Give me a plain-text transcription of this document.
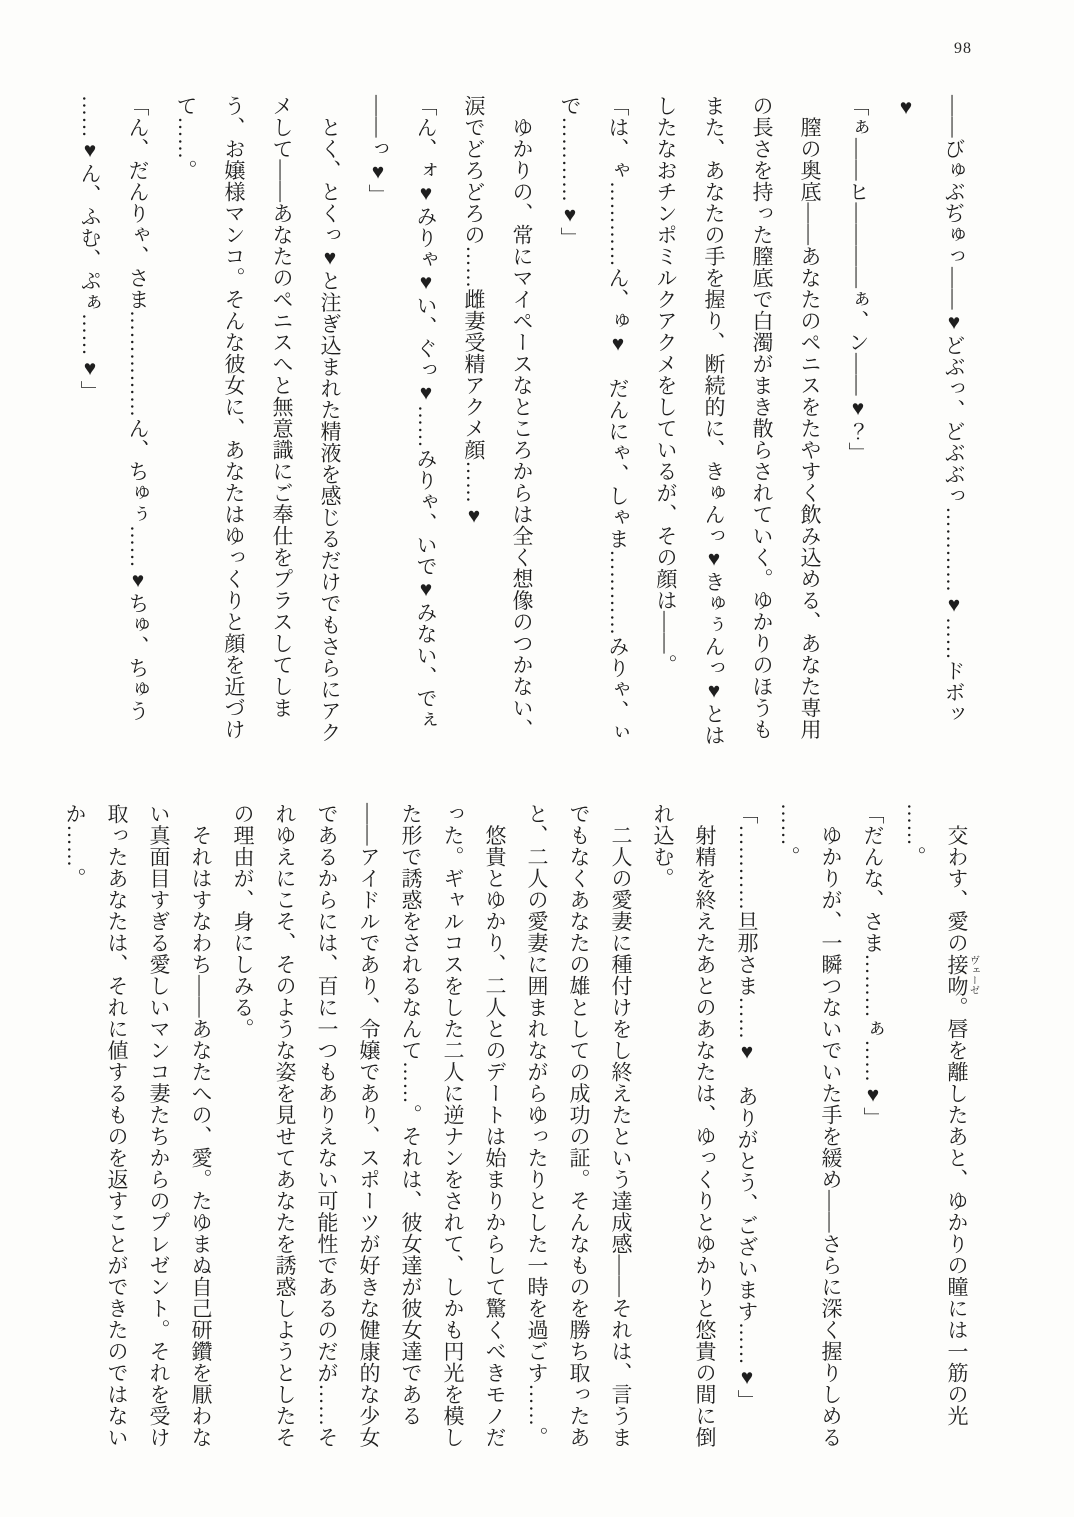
98
——びゅぶぢゅっ——♥どぶっ、どぶぶっ…………♥……ドボッ
♥
「ぁ——ヒ————ぁ、ン——♥？」
　膣の奥底——あなたのペニスをたやすく飲み込める、あなた専用
の長さを持った膣底で白濁がまき散らされていく。ゆかりのほうも
また、あなたの手を握り、断続的に、きゅんっ♥きゅぅんっ♥とは
したなおチンポミルクアクメをしているが、その顔は——。
「は、ゃ…………ん、ゅ♥　だんにゃ、しゃま…………みりゃ、ぃ
で…………♥」
　ゆかりの、常にマイペースなところからは全く想像のつかない、
涙でどろどろの……雌妻受精アクメ顔……♥
「ん、ォ♥みりゃ♥い、ぐっ♥……みりゃ、いで♥みない、でぇ
——っ♥」
　とく、とくっ♥と注ぎ込まれた精液を感じるだけでもさらにアク
メして——あなたのペニスへと無意識にご奉仕をプラスしてしま
う、お嬢様マンコ。そんな彼女に、あなたはゆっくりと顔を近づけ
て……。
「ん、だんりゃ、さま……………ん、ちゅぅ……♥ちゅ、ちゅう
……♥ん、ふむ、ぷぁ……♥」
　交わす、愛の接吻ヴェーゼ。唇を離したあと、ゆかりの瞳には一筋の光
……。
「だんな、さま………ぁ……♥」
　ゆかりが、一瞬つないでいた手を緩め——さらに深く握りしめる
……。
「…………旦那さま……♥　ありがとう、ございます……♥」
　射精を終えたあとのあなたは、ゆっくりとゆかりと悠貴の間に倒
れ込む。
　二人の愛妻に種付けをし終えたという達成感——それは、言うま
でもなくあなたの雄としての成功の証。そんなものを勝ち取ったあ
と、二人の愛妻に囲まれながらゆったりとした一時を過ごす……。
　悠貴とゆかり、二人とのデートは始まりからして驚くべきモノだ
った。ギャルコスをした二人に逆ナンをされて、しかも円光を模し
た形で誘惑をされるなんて……。それは、彼女達が彼女達である
——アイドルであり、令嬢であり、スポーツが好きな健康的な少女
であるからには、百に一つもありえない可能性であるのだが……そ
れゆえにこそ、そのような姿を見せてあなたを誘惑しようとしたそ
の理由が、身にしみる。
　それはすなわち——あなたへの、愛。たゆまぬ自己研鑽を厭わな
い真面目すぎる愛しいマンコ妻たちからのプレゼント。それを受け
取ったあなたは、それに値するものを返すことができたのではない
か……。
